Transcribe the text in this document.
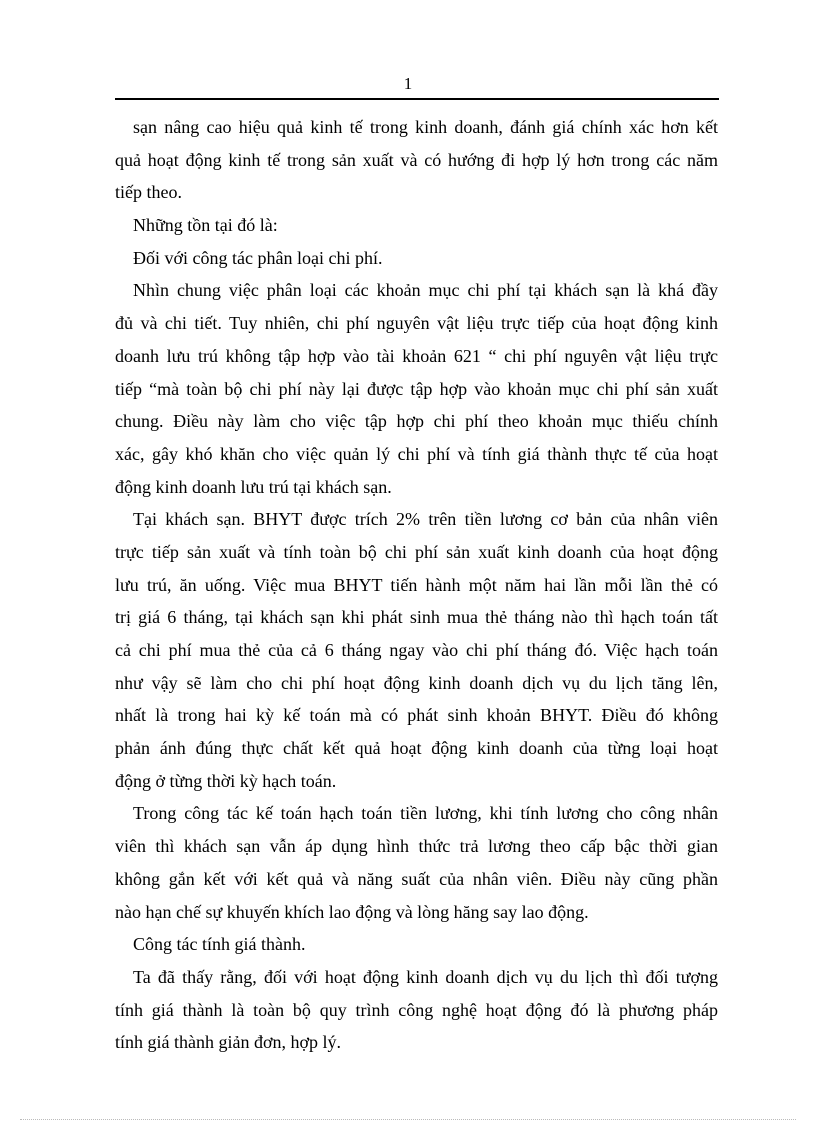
1
sạn nâng cao hiệu quả kinh tế trong kinh doanh, đánh giá chính xác hơn kết
quả hoạt động kinh tế trong sản xuất và có hướng đi hợp lý hơn trong các năm
tiếp theo.
Những tồn tại đó là:
Đối với công tác phân loại chi phí.
Nhìn chung việc phân loại các khoản mục chi phí tại khách sạn là khá đầy
đủ và chi tiết. Tuy nhiên, chi phí nguyên vật liệu trực tiếp của hoạt động kinh
doanh lưu trú không tập hợp vào tài khoản 621 “ chi phí nguyên vật liệu trực
tiếp “mà toàn bộ chi phí này lại được tập hợp vào khoản mục chi phí sản xuất
chung. Điều này làm cho việc tập hợp chi phí theo khoản mục thiếu chính
xác, gây khó khăn cho việc quản lý chi phí và tính giá thành thực tế của hoạt
động kinh doanh lưu trú tại khách sạn.
Tại khách sạn. BHYT được trích 2% trên tiền lương cơ bản của nhân viên
trực tiếp sản xuất và tính toàn bộ chi phí sản xuất kinh doanh của hoạt động
lưu trú, ăn uống. Việc mua BHYT tiến hành một năm hai lần mỗi lần thẻ có
trị giá 6 tháng, tại khách sạn khi phát sinh mua thẻ tháng nào thì hạch toán tất
cả chi phí mua thẻ của cả 6 tháng ngay vào chi phí tháng đó. Việc hạch toán
như vậy sẽ làm cho chi phí hoạt động kinh doanh dịch vụ du lịch tăng lên,
nhất là trong hai kỳ kế toán mà có phát sinh khoản BHYT. Điều đó không
phản ánh đúng thực chất kết quả hoạt động kinh doanh của từng loại hoạt
động ở từng thời kỳ hạch toán.
Trong công tác kế toán hạch toán tiền lương, khi tính lương cho công nhân
viên thì khách sạn vẫn áp dụng hình thức trả lương theo cấp bậc thời gian
không gắn kết với kết quả và năng suất của nhân viên. Điều này cũng phần
nào hạn chế sự khuyến khích lao động và lòng hăng say lao động.
Công tác tính giá thành.
Ta đã thấy rằng, đối với hoạt động kinh doanh dịch vụ du lịch thì đối tượng
tính giá thành là toàn bộ quy trình công nghệ hoạt động đó là phương pháp
tính giá thành giản đơn, hợp lý.
